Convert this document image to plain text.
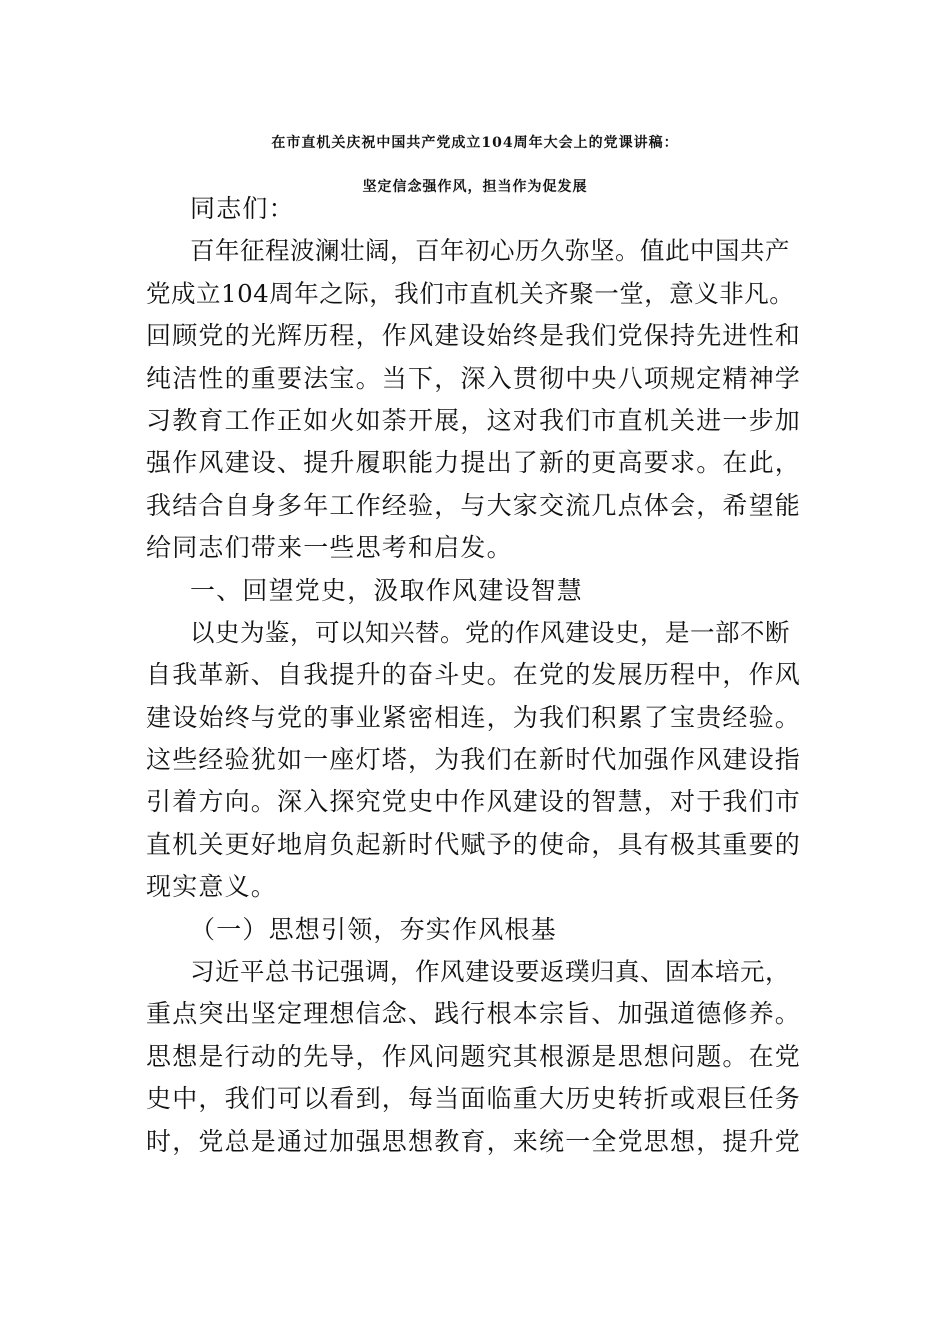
在市直机关庆祝中国共产党成立104周年大会上的党课讲稿：
坚定信念强作风，担当作为促发展
同志们：
百年征程波澜壮阔，百年初心历久弥坚。值此中国共产
党成立104周年之际，我们市直机关齐聚一堂，意义非凡。
回顾党的光辉历程，作风建设始终是我们党保持先进性和
纯洁性的重要法宝。当下，深入贯彻中央八项规定精神学
习教育工作正如火如荼开展，这对我们市直机关进一步加
强作风建设、提升履职能力提出了新的更高要求。在此，
我结合自身多年工作经验，与大家交流几点体会，希望能
给同志们带来一些思考和启发。
一、回望党史，汲取作风建设智慧
以史为鉴，可以知兴替。党的作风建设史，是一部不断
自我革新、自我提升的奋斗史。在党的发展历程中，作风
建设始终与党的事业紧密相连，为我们积累了宝贵经验。
这些经验犹如一座灯塔，为我们在新时代加强作风建设指
引着方向。深入探究党史中作风建设的智慧，对于我们市
直机关更好地肩负起新时代赋予的使命，具有极其重要的
现实意义。
（一）思想引领，夯实作风根基
习近平总书记强调，作风建设要返璞归真、固本培元，
重点突出坚定理想信念、践行根本宗旨、加强道德修养。
思想是行动的先导，作风问题究其根源是思想问题。在党
史中，我们可以看到，每当面临重大历史转折或艰巨任务
时，党总是通过加强思想教育，来统一全党思想，提升党
